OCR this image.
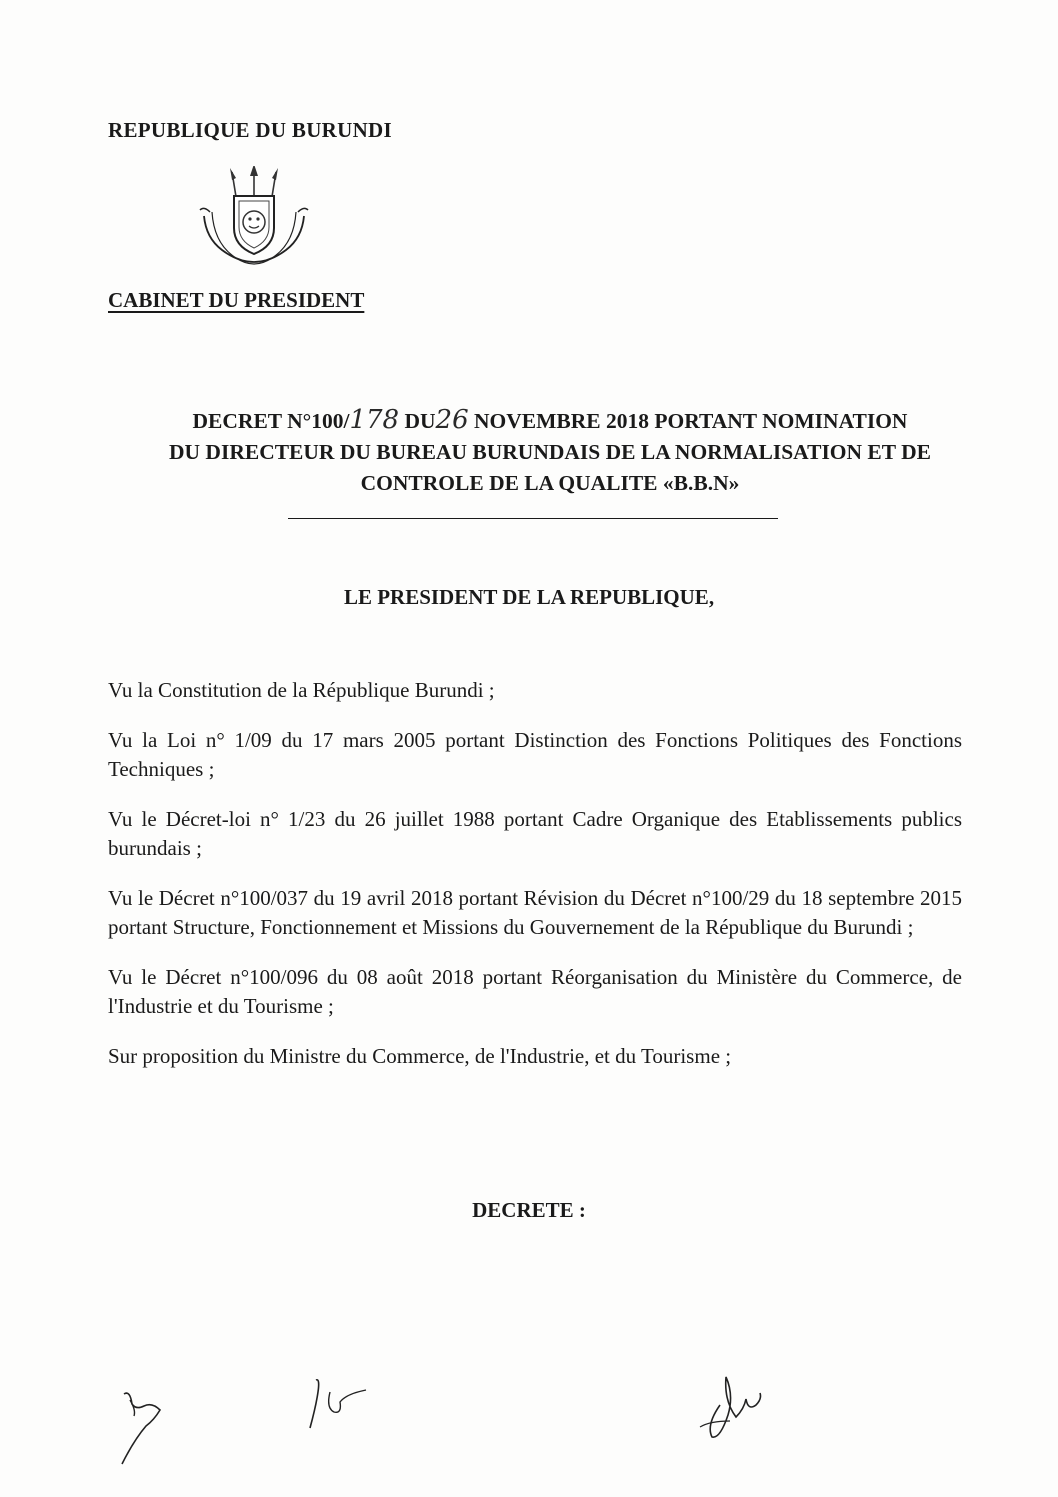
REPUBLIQUE DU BURUNDI

CABINET DU PRESIDENT

DECRET N°100/178 DU26 NOVEMBRE 2018 PORTANT NOMINATION
DU DIRECTEUR DU BUREAU BURUNDAIS DE LA NORMALISATION ET DE
CONTROLE DE LA QUALITE «B.B.N»
LE PRESIDENT DE LA REPUBLIQUE,

Vu la Constitution de la République Burundi ;

Vu la Loi n° 1/09 du 17 mars 2005 portant Distinction des Fonctions Politiques des Fonctions Techniques ;

Vu le Décret-loi n° 1/23 du 26 juillet 1988 portant Cadre Organique des Etablissements publics burundais ;

Vu le Décret n°100/037 du 19 avril 2018 portant Révision du Décret n°100/29 du 18 septembre 2015 portant Structure, Fonctionnement et Missions du Gouvernement de la République du Burundi ;

Vu le Décret n°100/096 du 08 août 2018 portant Réorganisation du Ministère du Commerce, de l'Industrie et du Tourisme ;

Sur proposition du Ministre du Commerce, de l'Industrie, et du Tourisme ;

DECRETE :
